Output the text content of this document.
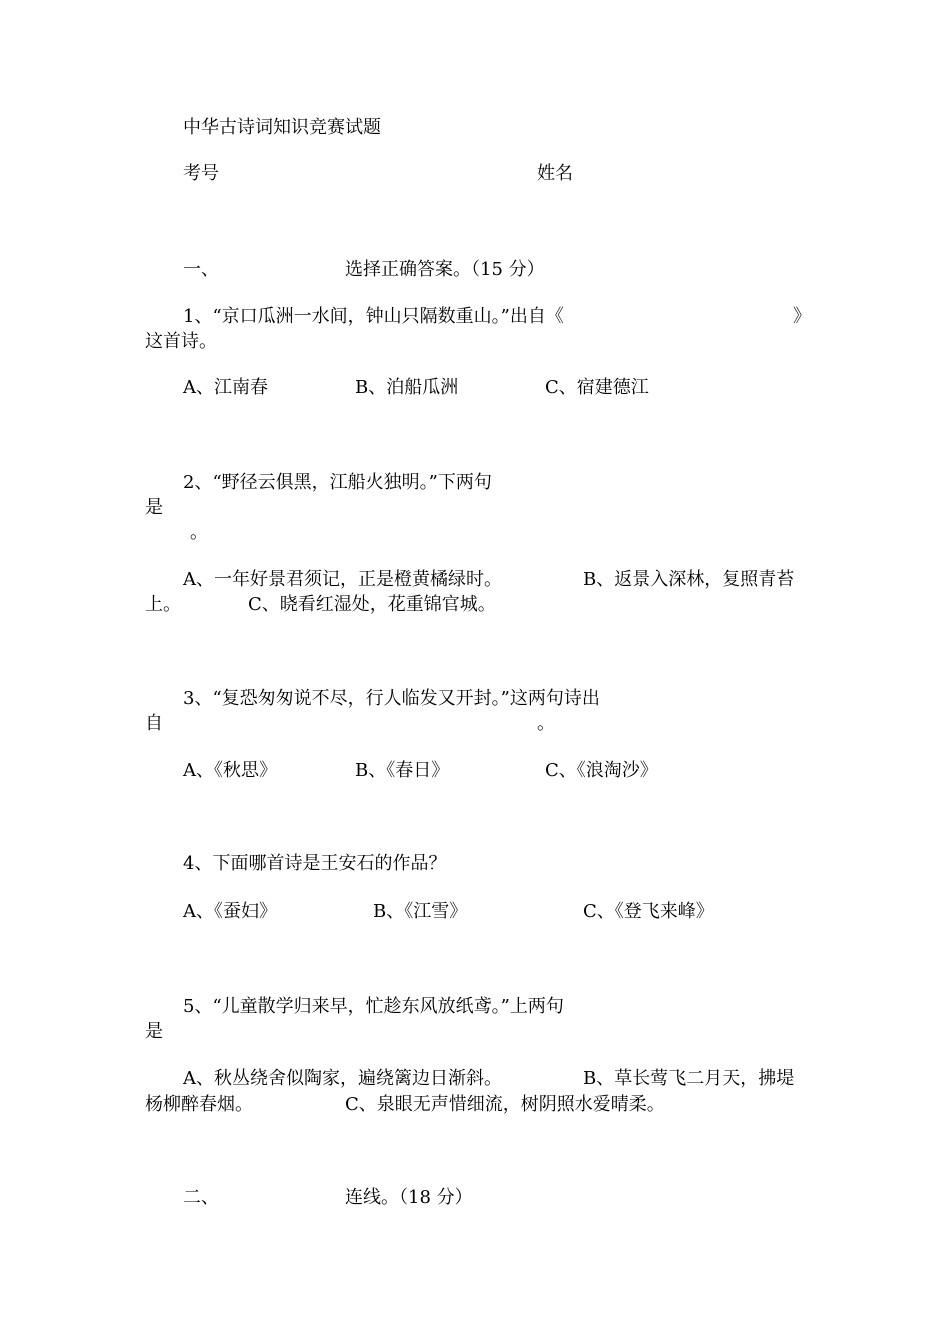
中华古诗词知识竞赛试题
考号	姓名
一、	选择正确答案。（15 分）
1、“京口瓜洲一水间，钟山只隔数重山。”出自《	》
这首诗。
A、江南春	B、泊船瓜洲	C、宿建德江
2、“野径云俱黑，江船火独明。”下两句
是
。
A、一年好景君须记，正是橙黄橘绿时。	B、返景入深林，复照青苔
上。	C、晓看红湿处，花重锦官城。
3、“复恐匆匆说不尽，行人临发又开封。”这两句诗出
自	。
A、《秋思》	B、《春日》	C、《浪淘沙》
4、下面哪首诗是王安石的作品？
A、《蚕妇》	B、《江雪》	C、《登飞来峰》
5、“儿童散学归来早，忙趁东风放纸鸢。”上两句
是
A、秋丛绕舍似陶家，遍绕篱边日渐斜。	B、草长莺飞二月天，拂堤
杨柳醉春烟。	C、泉眼无声惜细流，树阴照水爱晴柔。
二、	连线。（18 分）
